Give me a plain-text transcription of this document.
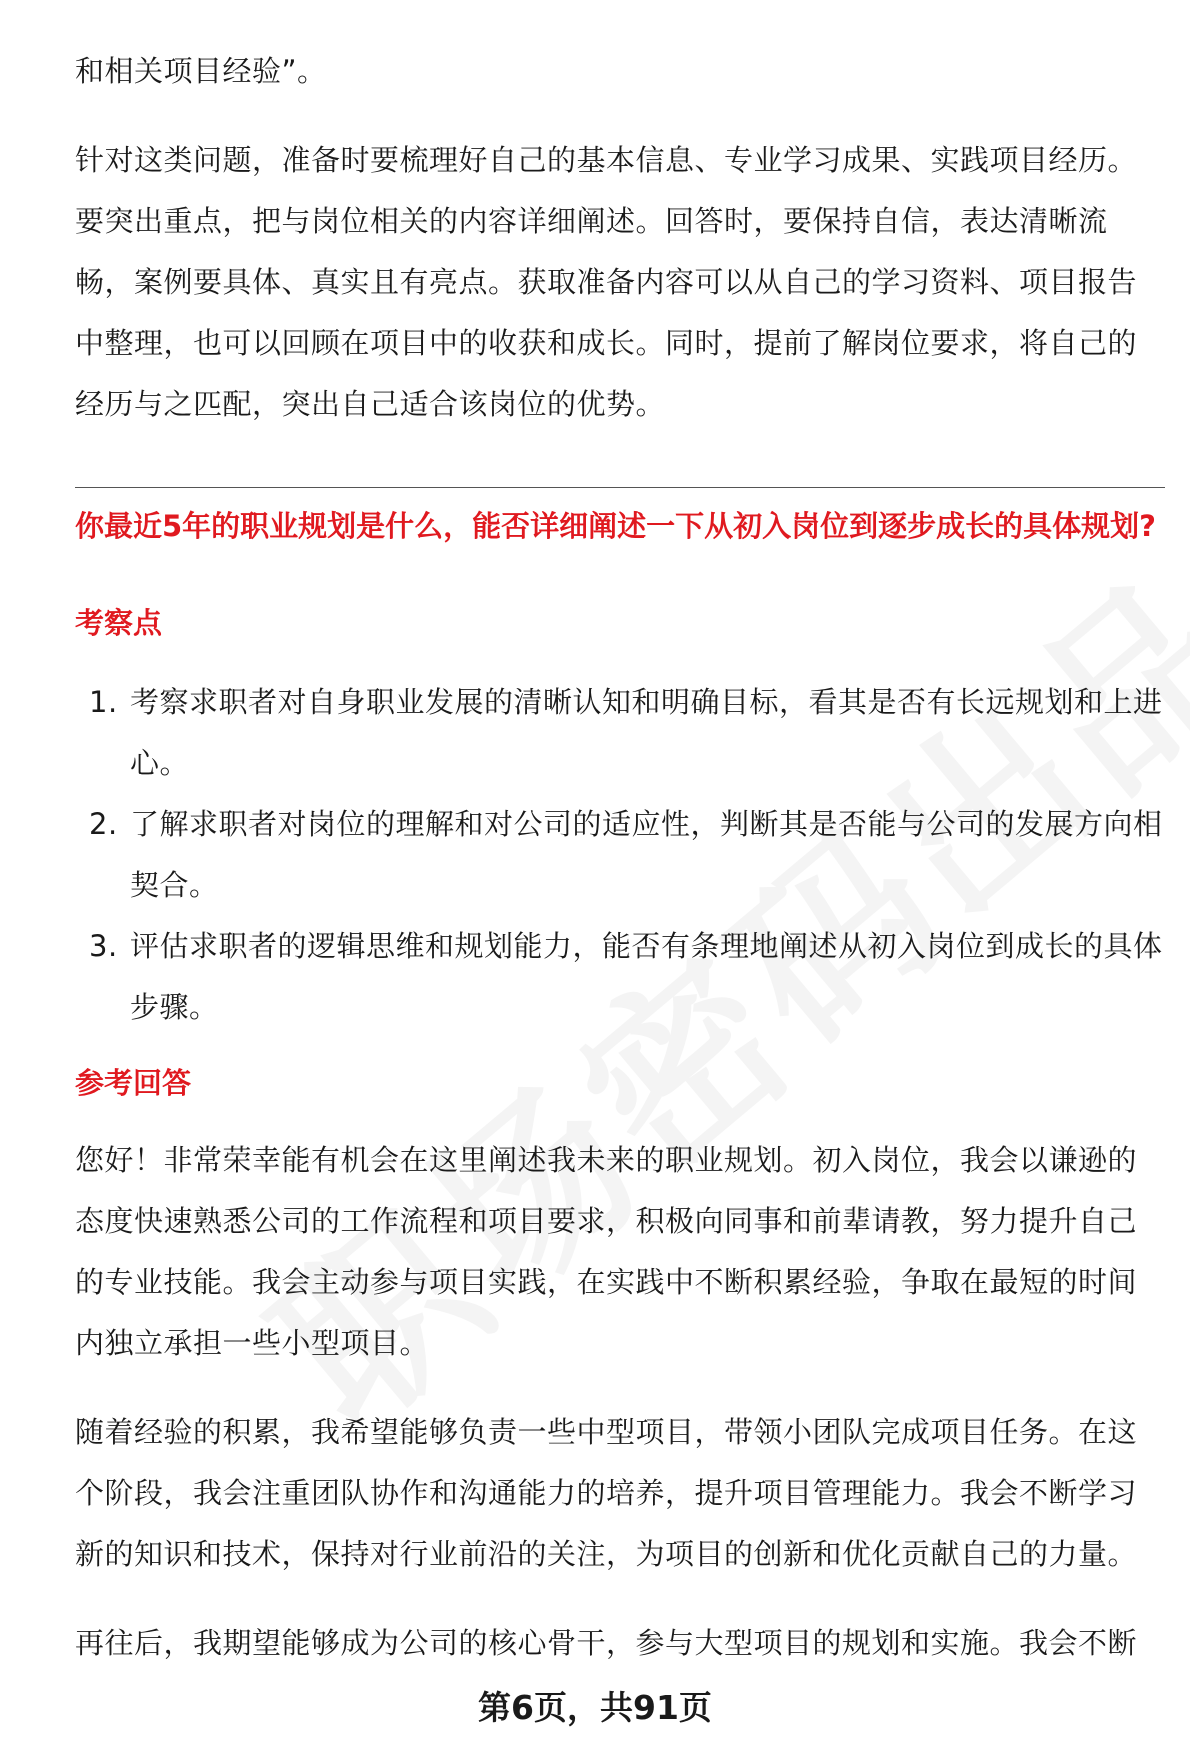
和相关项目经验”。

针对这类问题，准备时要梳理好自己的基本信息、专业学习成果、实践项目经历。要突出重点，把与岗位相关的内容详细阐述。回答时，要保持自信，表达清晰流畅，案例要具体、真实且有亮点。获取准备内容可以从自己的学习资料、项目报告中整理，也可以回顾在项目中的收获和成长。同时，提前了解岗位要求，将自己的经历与之匹配，突出自己适合该岗位的优势。

你最近5年的职业规划是什么，能否详细阐述一下从初入岗位到逐步成长的具体规划?

考察点

1. 考察求职者对自身职业发展的清晰认知和明确目标，看其是否有长远规划和上进心。
2. 了解求职者对岗位的理解和对公司的适应性，判断其是否能与公司的发展方向相契合。
3. 评估求职者的逻辑思维和规划能力，能否有条理地阐述从初入岗位到成长的具体步骤。

参考回答

您好！非常荣幸能有机会在这里阐述我未来的职业规划。初入岗位，我会以谦逊的态度快速熟悉公司的工作流程和项目要求，积极向同事和前辈请教，努力提升自己的专业技能。我会主动参与项目实践，在实践中不断积累经验，争取在最短的时间内独立承担一些小型项目。

随着经验的积累，我希望能够负责一些中型项目，带领小团队完成项目任务。在这个阶段，我会注重团队协作和沟通能力的培养，提升项目管理能力。我会不断学习新的知识和技术，保持对行业前沿的关注，为项目的创新和优化贡献自己的力量。

再往后，我期望能够成为公司的核心骨干，参与大型项目的规划和实施。我会不断

第6页，共91页
